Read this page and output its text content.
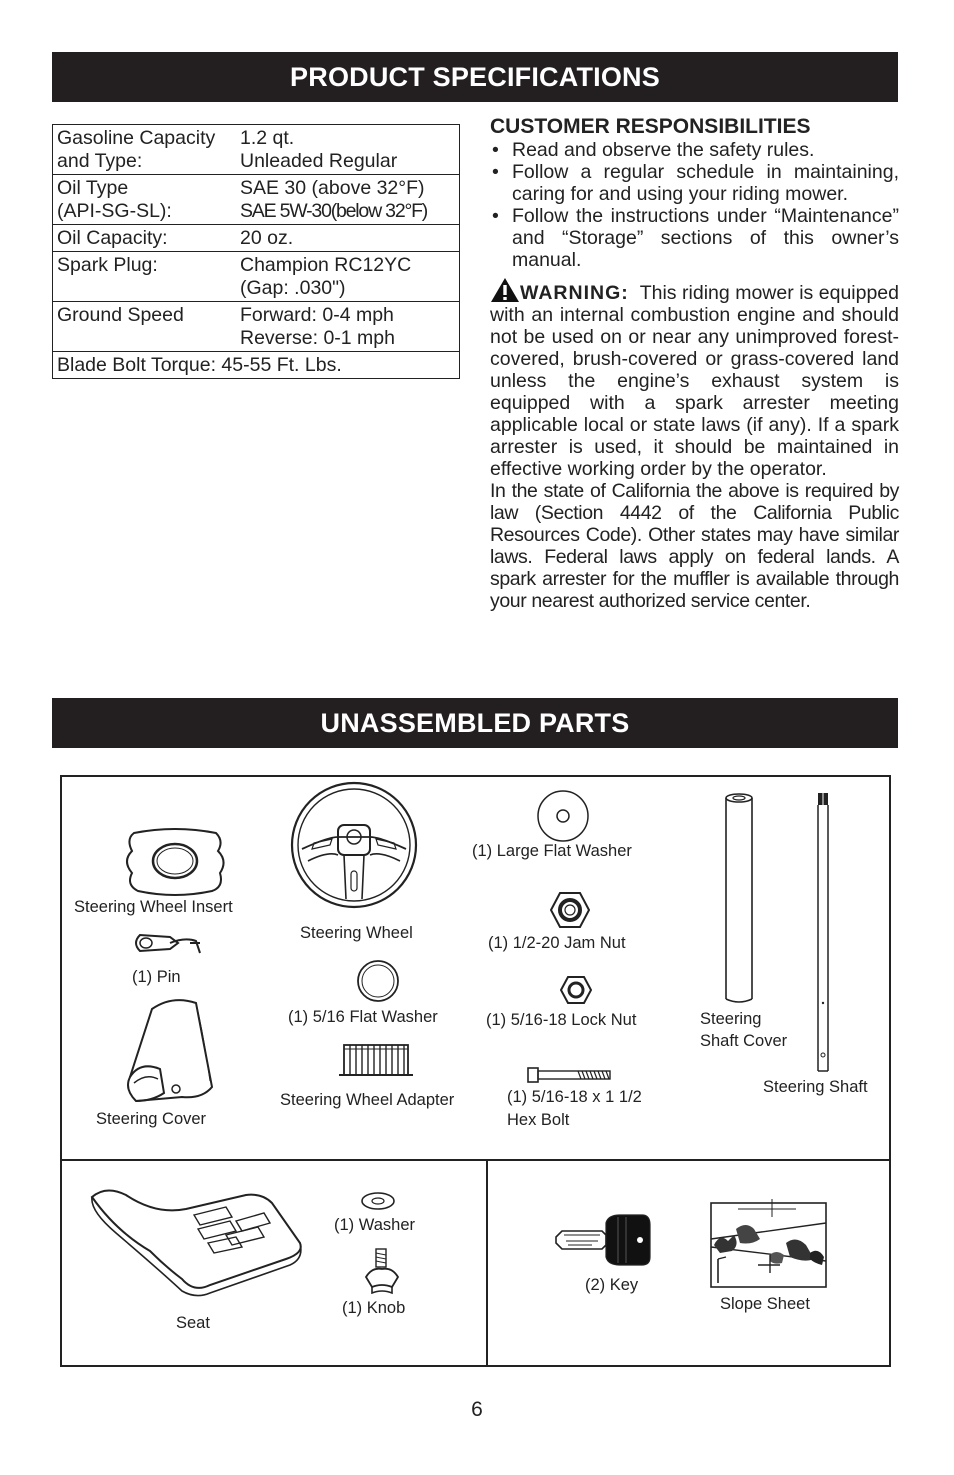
PRODUCT SPECIFICATIONS
UNASSEMBLED PARTS
Gasoline Capacity
and Type:	1.2 qt.
Unleaded Regular

Oil Type
(API-SG-SL):	SAE 30 (above 32°F)
SAE 5W-30(below 32°F)

Oil Capacity:	20 oz.

Spark Plug:	Champion RC12YC
(Gap: .030")

Ground Speed	Forward: 0-4 mph
Reverse: 0-1 mph

Blade Bolt Torque: 45-55 Ft. Lbs.	
CUSTOMER RESPONSIBILITIES
• Read and observe the safety rules.
• Follow a regular schedule in maintaining, caring for and using your riding mower.
• Follow the instructions under “Maintenance” and “Storage” sections of this owner’s manual.

WARNING: This riding mower is equipped with an internal combustion engine and should not be used on or near any unimproved forest-covered, brush-covered or grass-covered land unless the engine’s exhaust system is equipped with a spark arrester meeting applicable local or state laws (if any). If a spark arrester is used, it should be maintained in effective working order by the operator.

In the state of California the above is required by law (Section 4442 of the California Public Resources Code). Other states may have similar laws. Federal laws apply on federal lands. A spark arrester for the muffler is available through your nearest authorized service center.

Steering Wheel Insert
(1) Pin
Steering Cover
Steering Wheel
(1) 5/16 Flat Washer
Steering Wheel Adapter
(1) Large Flat Washer
(1) 1/2-20 Jam Nut
(1) 5/16-18 Lock Nut
(1) 5/16-18 x 1 1/2
Hex Bolt
Steering
Shaft Cover
Steering Shaft
Seat
(1) Washer
(1) Knob
(2) Key
Slope Sheet
6
